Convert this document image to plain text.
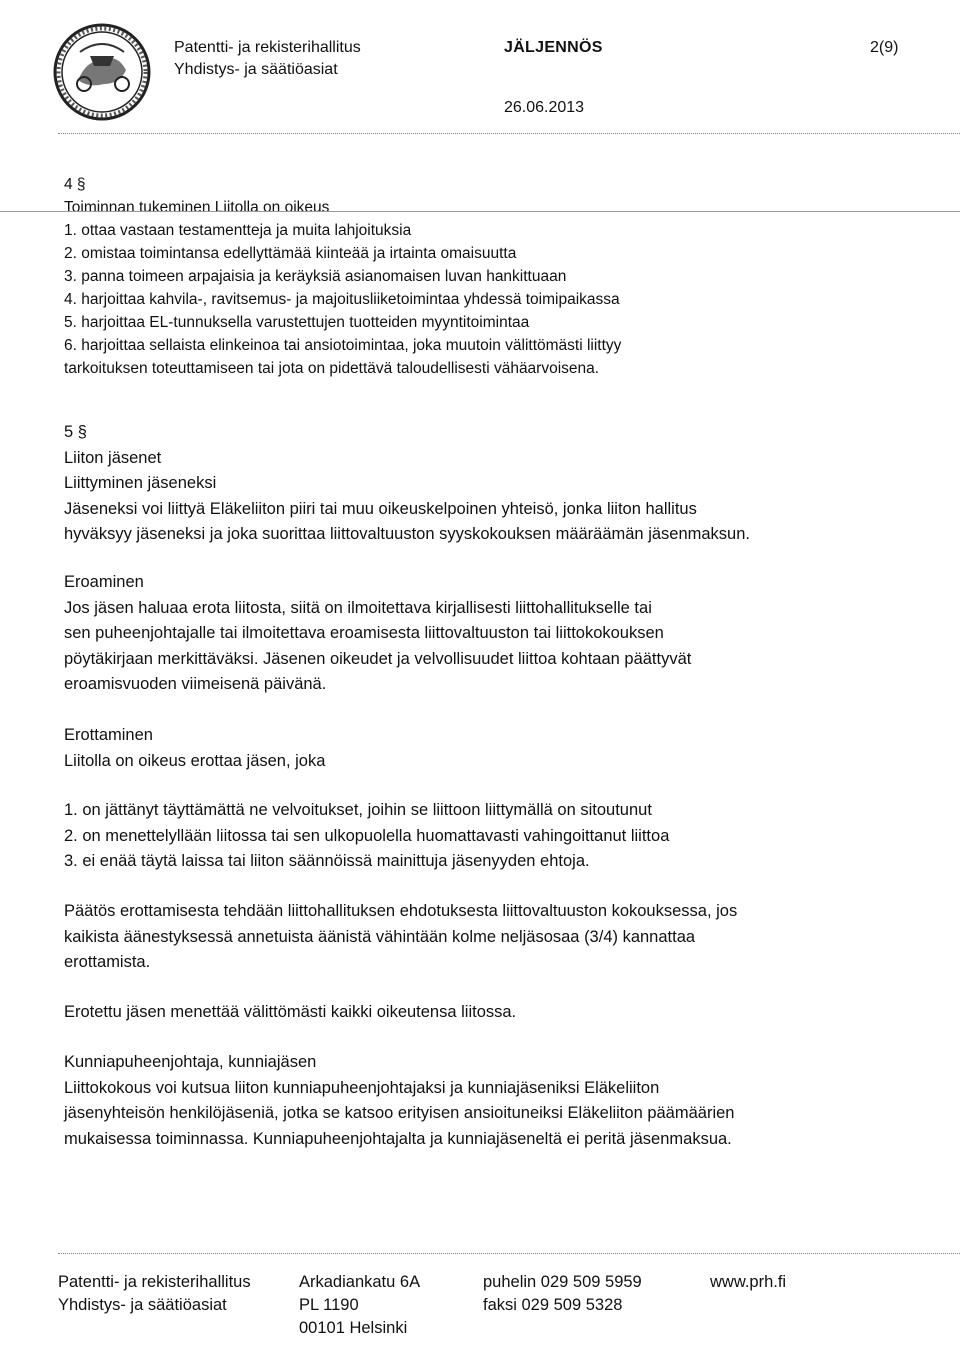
Patentti- ja rekisterihallitus
Yhdistys- ja säätiöasiat
JÄLJENNÖS	2(9)
26.06.2013
4 §
Toiminnan tukeminen Liitolla on oikeus
1. ottaa vastaan testamentteja ja muita lahjoituksia
2. omistaa toimintansa edellyttämää kiinteää ja irtainta omaisuutta
3. panna toimeen arpajaisia ja keräyksiä asianomaisen luvan hankittuaan
4. harjoittaa kahvila-, ravitsemus- ja majoitusliiketoimintaa yhdessä toimipaikassa
5. harjoittaa EL-tunnuksella varustettujen tuotteiden myyntitoimintaa
6. harjoittaa sellaista elinkeinoa tai ansiotoimintaa, joka muutoin välittömästi liittyy
tarkoituksen toteuttamiseen tai jota on pidettävä taloudellisesti vähäarvoisena.
5 §
Liiton jäsenet
Liittyminen jäseneksi
Jäseneksi voi liittyä Eläkeliiton piiri tai muu oikeuskelpoinen yhteisö, jonka liiton hallitus
hyväksyy jäseneksi ja joka suorittaa liittovaltuuston syyskokouksen määräämän jäsenmaksun.
Eroaminen
Jos jäsen haluaa erota liitosta, siitä on ilmoitettava kirjallisesti liittohallitukselle tai
sen puheenjohtajalle tai ilmoitettava eroamisesta liittovaltuuston tai liittokokouksen
pöytäkirjaan merkittäväksi. Jäsenen oikeudet ja velvollisuudet liittoa kohtaan päättyvät
eroamisvuoden viimeisenä päivänä.
Erottaminen
Liitolla on oikeus erottaa jäsen, joka
1. on jättänyt täyttämättä ne velvoitukset, joihin se liittoon liittymällä on sitoutunut
2. on menettelyllään liitossa tai sen ulkopuolella huomattavasti vahingoittanut liittoa
3. ei enää täytä laissa tai liiton säännöissä mainittuja jäsenyyden ehtoja.
Päätös erottamisesta tehdään liittohallituksen ehdotuksesta liittovaltuuston kokouksessa, jos
kaikista äänestyksessä annetuista äänistä vähintään kolme neljäsosaa (3/4) kannattaa
erottamista.
Erotettu jäsen menettää välittömästi kaikki oikeutensa liitossa.
Kunniapuheenjohtaja, kunniajäsen
Liittokokous voi kutsua liiton kunniapuheenjohtajaksi ja kunniajäseniksi Eläkeliiton
jäsenyhteisön henkilöjäseniä, jotka se katsoo erityisen ansioituneiksi Eläkeliiton päämäärien
mukaisessa toiminnassa. Kunniapuheenjohtajalta ja kunniajäseneltä ei peritä jäsenmaksua.
Patentti- ja rekisterihallitus
Yhdistys- ja säätiöasiat
Arkadiankatu 6A
PL 1190
00101 Helsinki
puhelin 029 509 5959
faksi 029 509 5328
www.prh.fi
